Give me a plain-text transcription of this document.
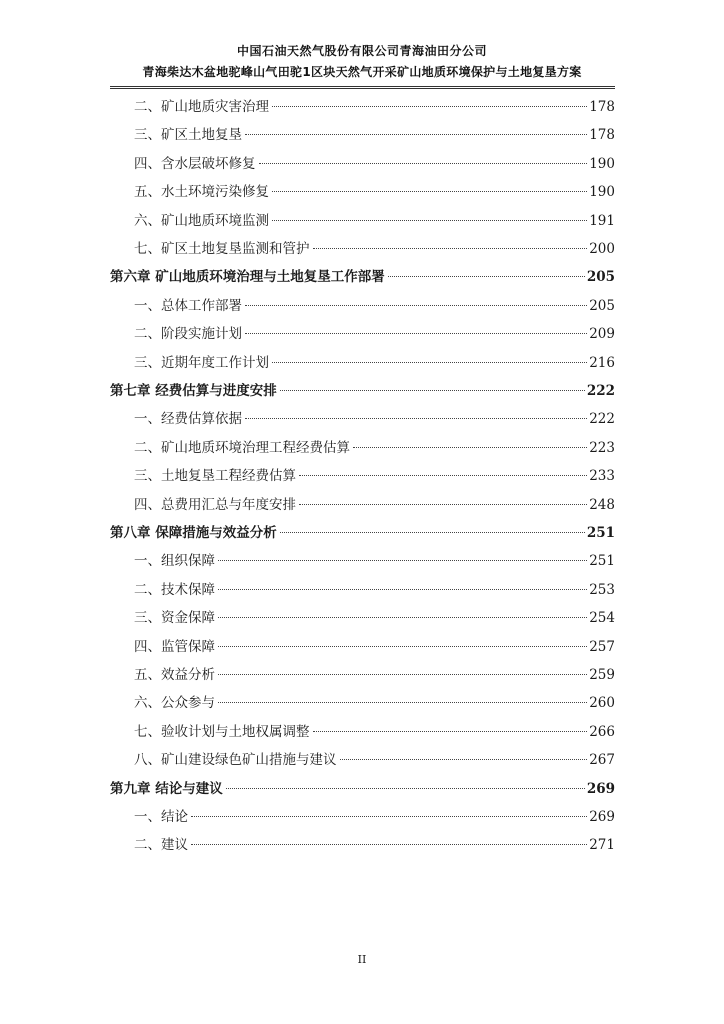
中国石油天然气股份有限公司青海油田分公司
青海柴达木盆地驼峰山气田驼1区块天然气开采矿山地质环境保护与土地复垦方案
二、矿山地质灾害治理	178
三、矿区土地复垦	178
四、含水层破坏修复	190
五、水土环境污染修复	190
六、矿山地质环境监测	191
七、矿区土地复垦监测和管护	200
第六章 矿山地质环境治理与土地复垦工作部署	205
一、总体工作部署	205
二、阶段实施计划	209
三、近期年度工作计划	216
第七章 经费估算与进度安排	222
一、经费估算依据	222
二、矿山地质环境治理工程经费估算	223
三、土地复垦工程经费估算	233
四、总费用汇总与年度安排	248
第八章 保障措施与效益分析	251
一、组织保障	251
二、技术保障	253
三、资金保障	254
四、监管保障	257
五、效益分析	259
六、公众参与	260
七、验收计划与土地权属调整	266
八、矿山建设绿色矿山措施与建议	267
第九章 结论与建议	269
一、结论	269
二、建议	271
II
